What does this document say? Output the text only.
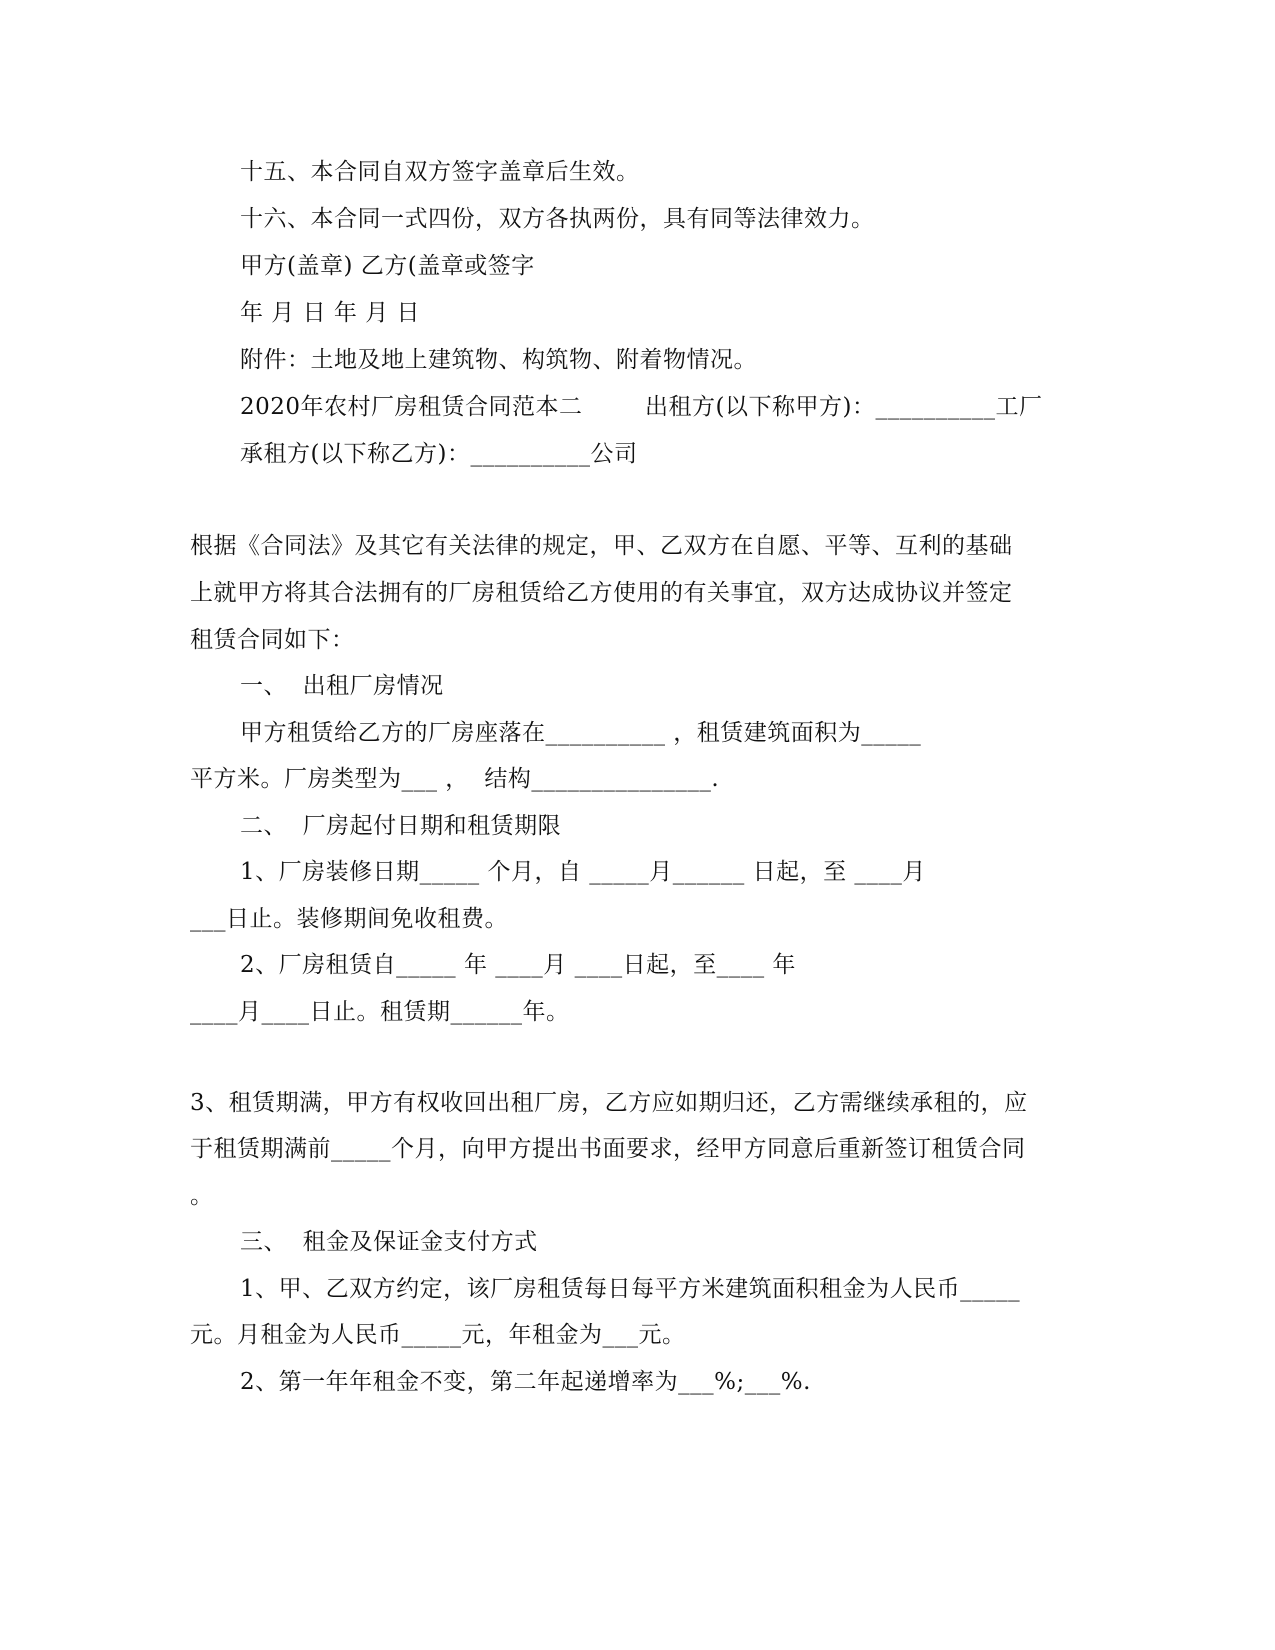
十五、本合同自双方签字盖章后生效。
十六、本合同一式四份，双方各执两份，具有同等法律效力。
甲方(盖章) 乙方(盖章或签字
年 月 日 年 月 日
附件：土地及地上建筑物、构筑物、附着物情况。
2020年农村厂房租赁合同范本二        出租方(以下称甲方)：__________工厂
承租方(以下称乙方)：__________公司
根据《合同法》及其它有关法律的规定，甲、乙双方在自愿、平等、互利的基础
上就甲方将其合法拥有的厂房租赁给乙方使用的有关事宜，双方达成协议并签定
租赁合同如下：
一、  出租厂房情况
甲方租赁给乙方的厂房座落在__________ ，租赁建筑面积为_____
平方米。厂房类型为___ ，  结构_______________.
二、  厂房起付日期和租赁期限
1、厂房装修日期_____ 个月，自 _____月______ 日起，至 ____月
___日止。装修期间免收租费。
2、厂房租赁自_____ 年 ____月 ____日起，至____ 年
____月____日止。租赁期______年。
3、租赁期满，甲方有权收回出租厂房，乙方应如期归还，乙方需继续承租的，应
于租赁期满前_____个月，向甲方提出书面要求，经甲方同意后重新签订租赁合同
。
三、  租金及保证金支付方式
1、甲、乙双方约定，该厂房租赁每日每平方米建筑面积租金为人民币_____
元。月租金为人民币_____元，年租金为___元。
2、第一年年租金不变，第二年起递增率为___%;___%.
